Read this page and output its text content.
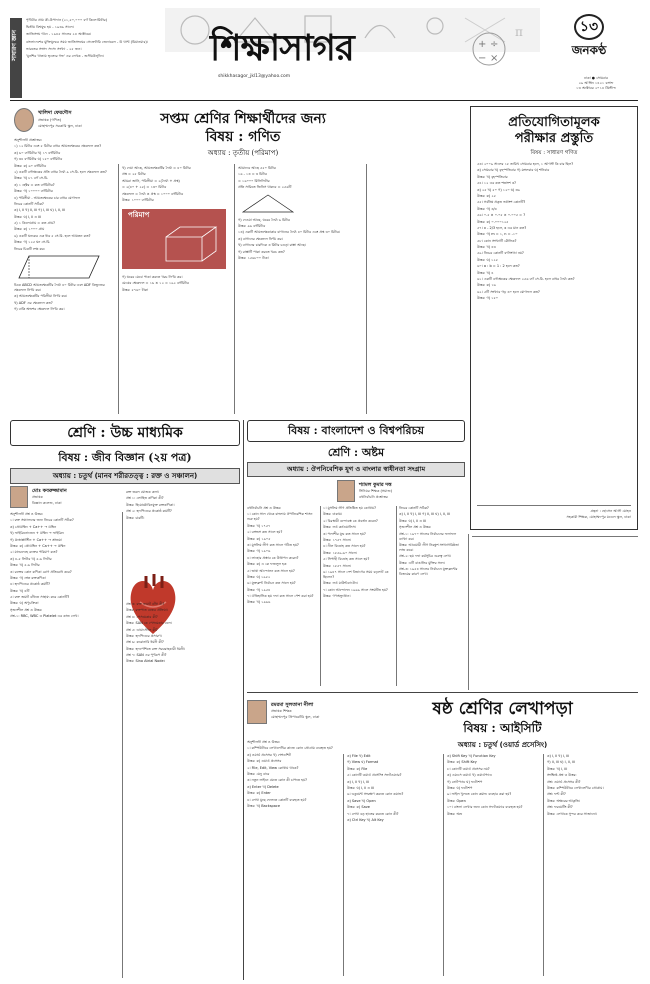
সাধারণ জ্ঞান
পৃথিবীর প্রায় কী-উপাদান (২১,৫০,০০০ বর্গ কিলোমিটার)
দ্বিতীয় বিশ্বযুদ্ধ হয় - ১৯৩৯ সালে।
জাতিসংঘ গঠন - ১৯৪৫ সালের ২৪ অক্টোবর।
বাংলাদেশের মুক্তিযুদ্ধের সময় জাতিসংঘের সেক্রেটারি জেনারেল - উ থান্ট (মিয়ানমার)।
ভারতের সংসদ সদস্য সংখ্যা - ২৫ জন।
'মুনশির খাতায় ভৃত্যের গল্প' এর লেখক - জসীমউদ্‌দীন।
π
শিক্ষাসাগর
shikkhasagor_jkl13@yahoo.com
+ ÷
− ×
১৩
জনকণ্ঠ
ঢাকা ● সোমবার
২৯ আশ্বিন ১৪২১ বঙ্গাব্দ
১৩ অক্টোবর ২০১৪ খ্রিস্টাব্দ
খালিদা ফেরদৌস
প্রভাষক (গণিত)
মোহাম্মদপুর সরকারি স্কুল, ঢাকা	সপ্তম শ্রেণির শিক্ষার্থীদের জন্য
বিষয় : গণিত
অধ্যায় : তৃতীয় (পরিমাপ)

অনুশীলনী প্রশ্নোত্তর:

১) ১২ মিটার এবং ৫ মিটার বাহুর আয়তক্ষেত্রের ক্ষেত্রফল কত?

ক) ৬০ বর্গমিটার খ) ১৭ বর্গমিটার

গ) ৩৪ বর্গমিটার ঘ) ১৫০ বর্গমিটার

উত্তর: ক) ৬০ বর্গমিটার

২) একটি বর্গক্ষেত্রের প্রতি বাহুর দৈর্ঘ্য ৯ সে.মি. হলে ক্ষেত্রফল কত?

উত্তর: খ) ৮১ বর্গ সে.মি.

৩) ১ হেক্টর = কত বর্গমিটার?

উত্তর: গ) ১০০০০ বর্গমিটার

৪) পরিসীমা - আয়তক্ষেত্রের চার বাহুর যোগফল

নিচের কোনটি সঠিক?

ক) i, ii খ) ii, iii গ) i, iii ঘ) i, ii, iii

উত্তর: ঘ) i, ii ও iii

৫) ১ কিলোগ্রাম = কত গ্রাম?

উত্তর: ক) ১০০০ গ্রাম

৬) একটি ঘনকের এক ধার ৫ সে.মি. হলে আয়তন কত?

উত্তর: গ) ১২৫ ঘন সে.মি.

নিচের চিত্রটি লক্ষ কর:

চিত্রে ABCD আয়তক্ষেত্রটির দৈর্ঘ্য ৪০ মিটার এবং ADF ত্রিভুজের ক্ষেত্রফল নির্ণয় কর।

ক) আয়তক্ষেত্রটির পরিসীমা নির্ণয় কর।

খ) ADF এর ক্ষেত্রফল কত?

গ) বাকি অংশের ক্ষেত্রফল নির্ণয় কর।

খ) দেয়া আছে, আয়তক্ষেত্রটির দৈর্ঘ্য = ৪০ মিটার

প্রস্থ = ২৫ মিটার

আমরা জানি, পরিসীমা = ২(দৈর্ঘ্য + প্রস্থ)

= ২(৪০ + ২৫) = ১৩০ মিটার

ক্ষেত্রফল = দৈর্ঘ্য × প্রস্থ = ১০০০ বর্গমিটার

উত্তর: ১০০০ বর্গমিটার

পরিমাপ

গ) ঘরের মেঝে পাকা করতে খরচ নির্ণয় কর।

মেঝের ক্ষেত্রফল = ১৬ × ১২ = ১৯২ বর্গমিটার

উত্তর: ৫৭৬০ টাকা

আমাদের আছে ৫৫০ মিটার

১৬ - ১৩ = ৩ মিটার

= ১৬০০০ মিলিলিটার

প্রতি সারিতে জিনিস থাকবে = ২৫৬টি

গ) দেওয়া আছে, ঘরের দৈর্ঘ্য ৬ মিটার

উত্তর: ৯৬ বর্গমিটার

১৩) একটি আয়তক্ষেত্রাকার বাগানের দৈর্ঘ্য ৪০ মিটার এবং প্রস্থ ৩০ মিটার।

ক) বাগানের ক্ষেত্রফল নির্ণয় কর।

খ) বাগানের চারদিকে ৩ মিটার চওড়া রাস্তা আছে।

গ) রাস্তাটি পাকা করতে খরচ কত?

উত্তর: ১৫৬৮০০ টাকা

প্রতিযোগিতামূলক
পরীক্ষার প্রস্তুতি
বিষয় : সাধারণ গণিত

৫৩। ২০০৯ সালের ১৮ তারিখ সোমবার হলে, ১ আগস্ট কি বার ছিল?

ক) সোমবার খ) বৃহস্পতিবার গ) মঙ্গলবার ঘ) শনিবার

উত্তর: খ) বৃহস্পতিবার

৫৪। ১২ এর কত শতাংশ ৩?

ক) ২৫ খ) ৫০ গ) ১২০ ঘ) ৩৬

উত্তর: ক) ২৫

৫৫। সর্বনিম্ন প্রকৃত ভগ্নাংশ কোনটি?

উত্তর: গ) ৩/৪

৫৬। ০.৫ × ০.০৫ × ০.০০৫ = ?

উত্তর: ক) ০.০০০১২৫

৫৭। x - 2/3 হলে, x এর মান কত?

উত্তর: গ) m = ১, n = -১০

৫৮। কোন সংখ্যাটি মৌলিক?

উত্তর: খ) ৪৩

৫৯। নিচের কোনটি বর্গসংখ্যা নয়?

উত্তর: ঘ) ১২৫

৬০। a : b = 1 : 2 হলে কত?

উত্তর: খ) ৪

৬১। একটি বর্গক্ষেত্রের ক্ষেত্রফল ২৫৬ বর্গ সে.মি. হলে বাহুর দৈর্ঘ্য কত?

উত্তর: ক) ১৬

৬২। ৫টি সংখ্যার গড় ৩০ হলে যোগফল কত?

উত্তর: গ) ১৫০

গ্রন্থনা : হোসেন আলী মোহন
সহকারী শিক্ষক, মোহাম্মদপুর মডেল স্কুল, ঢাকা
শ্রেণি : উচ্চ মাধ্যমিক
বিষয় : জীব বিজ্ঞান (২য় পত্র)
অধ্যায় : চতুর্থ (মানব শরীরতত্ত্ব : রক্ত ও সঞ্চালন)
মোঃ কবরুজ্জামান
প্রভাষক
বিজ্ঞান কলেজ, ঢাকা

অনুশীলনী প্রশ্ন ও উত্তর:

১। রক্ত সঞ্চালনের জন্য নিচের কোনটি সঠিক?

ক) প্রোথ্রম্বিন + Ca++ → থ্রম্বিন

খ) ফাইব্রিনোজেন + থ্রম্বিন → ফাইব্রিন

গ) থ্রম্বোপ্লাস্টিন + Ca++ → প্লাজমা

উত্তর: ক) প্রোথ্রম্বিন + Ca++ → থ্রম্বিন

২। মানবদেহে রক্তের পরিমাণ কত?

ক) ৪-৫ লিটার খ) ৫-৬ লিটার

উত্তর: খ) ৫-৬ লিটার

৩। রক্তের কোন কণিকা রোগ প্রতিরোধ করে?

উত্তর: গ) শ্বেত রক্তকণিকা

৪। হৃদপিণ্ডের প্রকোষ্ঠ কয়টি?

উত্তর: খ) ৪টি

৫। রক্ত জমাট বাঁধতে সাহায্য করে কোনটি?

উত্তর: ঘ) অণুচক্রিকা

সৃজনশীল প্রশ্ন ও উত্তর:

প্রশ্ন-১: RBC, WBC ও Platelet এর কাজ লেখ।

রক্ত তরল যোজক কলা।

প্রশ্ন ১: লোহিত কণিকা কী?

উত্তর: হিমোগ্লোবিনযুক্ত রক্তকণিকা।

প্রশ্ন ২: হৃদপিণ্ডের প্রকোষ্ঠ কয়টি?

উত্তর: চারটি।

প্রশ্ন ৩: রক্ত জমাট বাঁধা কী?

উত্তর: রক্তপাত বন্ধের প্রক্রিয়া।

প্রশ্ন ৪: পেসমেকার কী?

উত্তর: SAN কে পেসমেকার বলে।

প্রশ্ন ৫: ডায়াস্টোল কী?

উত্তর: হৃদপিণ্ডের প্রসারণ।

প্রশ্ন ৬: করোনারি ধমনী কী?

উত্তর: হৃদপেশিতে রক্ত সরবরাহকারী ধমনী।

প্রশ্ন ৭: SAN এর পূর্ণরূপ কী?

উত্তর: Sino Atrial Node।

বিষয় : বাংলাদেশ ও বিশ্বপরিচয়
শ্রেণি : অষ্টম
অধ্যায় : ঔপনিবেশিক যুগ ও বাংলার স্বাধীনতা সংগ্রাম
শ্যামল কুমার দত্ত
সিনিয়র শিক্ষক (সমাজ)
বহুনির্বাচনি প্রশ্নোত্তর

বহুনির্বাচনি প্রশ্ন ও উত্তর:

১। কোন সাল থেকে বাংলায় ঔপনিবেশিক শাসন শুরু হয়?

উত্তর: খ) ১৭৫৭

২। বঙ্গভঙ্গ কত সালে হয়?

উত্তর: ক) ১৯০৫

৩। মুসলিম লীগ কত সালে গঠিত হয়?

উত্তর: গ) ১৯০৬

৪। লাহোর প্রস্তাব কে উত্থাপন করেন?

উত্তর: ক) এ কে ফজলুল হক

৫। ভাষা আন্দোলন কত সালে হয়?

উত্তর: ঘ) ১৯৫২

৬। যুক্তফ্রন্ট নির্বাচন কত সালে হয়?

উত্তর: গ) ১৯৫৪

৭। ঐতিহাসিক ছয় দফা কত সালে পেশ করা হয়?

উত্তর: খ) ১৯৬৬

১। মুসলিম লীগ প্রতিষ্ঠিত হয় কোথায়?

উত্তর: ঢাকায়।

২। চিরস্থায়ী বন্দোবস্ত কে প্রবর্তন করেন?

উত্তর: লর্ড কর্নওয়ালিস।

৩। পলাশীর যুদ্ধ কত সালে হয়?

উত্তর: ১৭৫৭ সালে।

৪। নীল বিদ্রোহ কত সালে হয়?

উত্তর: ১৮৫৯-৬০ সালে।

৫। সিপাহী বিদ্রোহ কত সালে হয়?

উত্তর: ১৮৫৭ সালে।

৬। ১৯৪৭ সালে দেশ বিভাগের সময় বড়লাট কে ছিলেন?

উত্তর: লর্ড মাউন্টব্যাটেন।

৭। কোন আন্দোলন ১৯৬৯ সালে সংঘটিত হয়?

উত্তর: গণঅভ্যুত্থান।

নিচের কোনটি সঠিক?

ক) i, ii খ) i, iii গ) ii, iii ঘ) i, ii, iii

উত্তর: ঘ) i, ii ও iii

সৃজনশীল প্রশ্ন ও উত্তর:

প্রশ্ন-১: ১৯৭০ সালের নির্বাচনের ফলাফল ব্যাখ্যা কর।

উত্তর: আওয়ামী লীগ নিরঙ্কুশ সংখ্যাগরিষ্ঠতা লাভ করে।

প্রশ্ন-২: ছয় দফা কর্মসূচির গুরুত্ব লেখ।

উত্তর: এটি বাঙালির মুক্তির সনদ।

প্রশ্ন-৩: ১৯৫৪ সালের নির্বাচনে যুক্তফ্রন্টের বিজয়ের কারণ লেখ।

রমরমা সুলতানা নীলা
প্রভাষক শিক্ষক
মোহাম্মদপুর প্রিপারেটরি স্কুল, ঢাকা	ষষ্ঠ শ্রেণির লেখাপড়া
বিষয় : আইসিটি
অধ্যায় : চতুর্থ (ওয়ার্ড প্রসেসিং)

অনুশীলনী প্রশ্ন ও উত্তর:

১। কম্পিউটারে লেখালেখির কাজে কোন প্রোগ্রাম ব্যবহৃত হয়?

ক) ওয়ার্ড প্রসেসর খ) স্প্রেডশিট

উত্তর: ক) ওয়ার্ড প্রসেসর

২। File, Edit, View কোথায় থাকে?

উত্তর: মেনু বারে

৩। নতুন লাইনে যেতে কোন কী চাপতে হয়?

ক) Enter খ) Delete

উত্তর: ক) Enter

৪। লেখা মুছে ফেলতে কোনটি ব্যবহৃত হয়?

উত্তর: খ) Backspace

ক) File খ) Edit

গ) View ঘ) Format

উত্তর: ক) File

৫। কোনটি ওয়ার্ড প্রসেসিং সফটওয়্যার?

ক) i, ii খ) i, iii

উত্তর: ঘ) i, ii ও iii

৬। ডকুমেন্ট সংরক্ষণ করতে কোন কমান্ড?

ক) Save খ) Open

উত্তর: ক) Save

৭। লেখা বড় হাতের করতে কোন কী?

ক) Ctrl Key খ) Alt Key

ক) Shift Key খ) Function Key

উত্তর: ক) Shift Key

৮। কোনটি ওয়ার্ড প্রসেসর নয়?

ক) এমএস ওয়ার্ড খ) ওয়ার্ডপ্যাড

গ) নোটপ্যাড ঘ) ফটোশপ

উত্তর: ঘ) ফটোশপ

৯। ফাইল খুলতে কোন কমান্ড ব্যবহার করা হয়?

উত্তর: Open

১০। বাংলা লেখার জন্য কোন সফটওয়্যার ব্যবহৃত হয়?

উত্তর: অভ্র

ক) i, ii খ) i, iii

গ) ii, iii ঘ) i, ii, iii

উত্তর: খ) i, iii

সংক্ষিপ্ত প্রশ্ন ও উত্তর:

প্রশ্ন: ওয়ার্ড প্রসেসর কী?

উত্তর: কম্পিউটারে লেখালেখির প্রোগ্রাম।

প্রশ্ন: ফন্ট কী?

উত্তর: অক্ষরের আকৃতি।

প্রশ্ন: ফরমেটিং কী?

উত্তর: লেখাকে সুন্দর করে সাজানো।
